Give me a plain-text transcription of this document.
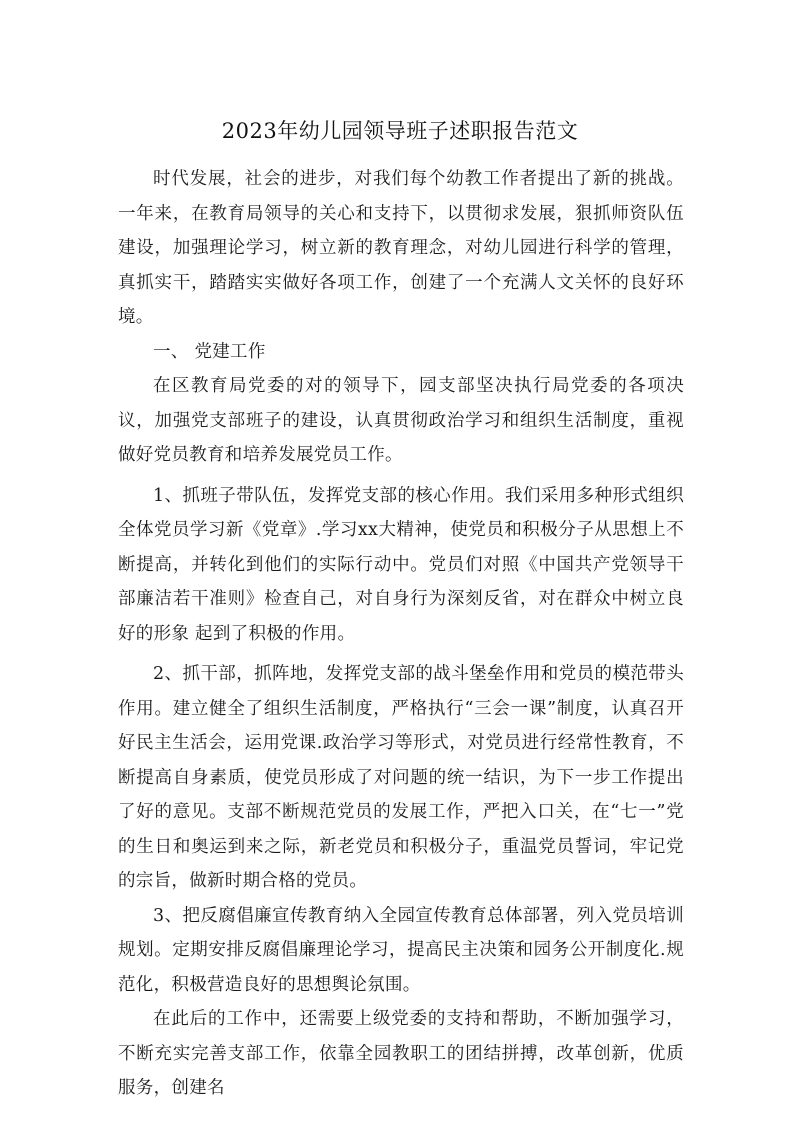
2023年幼儿园领导班子述职报告范文

时代发展，社会的进步，对我们每个幼教工作者提出了新的挑战。一年来，在教育局领导的关心和支持下，以贯彻求发展，狠抓师资队伍建设，加强理论学习，树立新的教育理念，对幼儿园进行科学的管理，真抓实干，踏踏实实做好各项工作，创建了一个充满人文关怀的良好环境。

一、 党建工作

在区教育局党委的对的领导下，园支部坚决执行局党委的各项决议，加强党支部班子的建设，认真贯彻政治学习和组织生活制度，重视做好党员教育和培养发展党员工作。

1、抓班子带队伍，发挥党支部的核心作用。我们采用多种形式组织全体党员学习新《党章》.学习xx大精神，使党员和积极分子从思想上不断提高，并转化到他们的实际行动中。党员们对照《中国共产党领导干部廉洁若干准则》检查自己，对自身行为深刻反省，对在群众中树立良好的形象 起到了积极的作用。

2、抓干部，抓阵地，发挥党支部的战斗堡垒作用和党员的模范带头作用。建立健全了组织生活制度，严格执行“三会一课”制度，认真召开好民主生活会，运用党课.政治学习等形式，对党员进行经常性教育，不断提高自身素质，使党员形成了对问题的统一结识，为下一步工作提出了好的意见。支部不断规范党员的发展工作，严把入口关，在“七一”党的生日和奥运到来之际，新老党员和积极分子，重温党员誓词，牢记党的宗旨，做新时期合格的党员。

3、把反腐倡廉宣传教育纳入全园宣传教育总体部署，列入党员培训规划。定期安排反腐倡廉理论学习，提高民主决策和园务公开制度化.规范化，积极营造良好的思想舆论氛围。

在此后的工作中，还需要上级党委的支持和帮助，不断加强学习，不断充实完善支部工作，依靠全园教职工的团结拼搏，改革创新，优质服务，创建名
